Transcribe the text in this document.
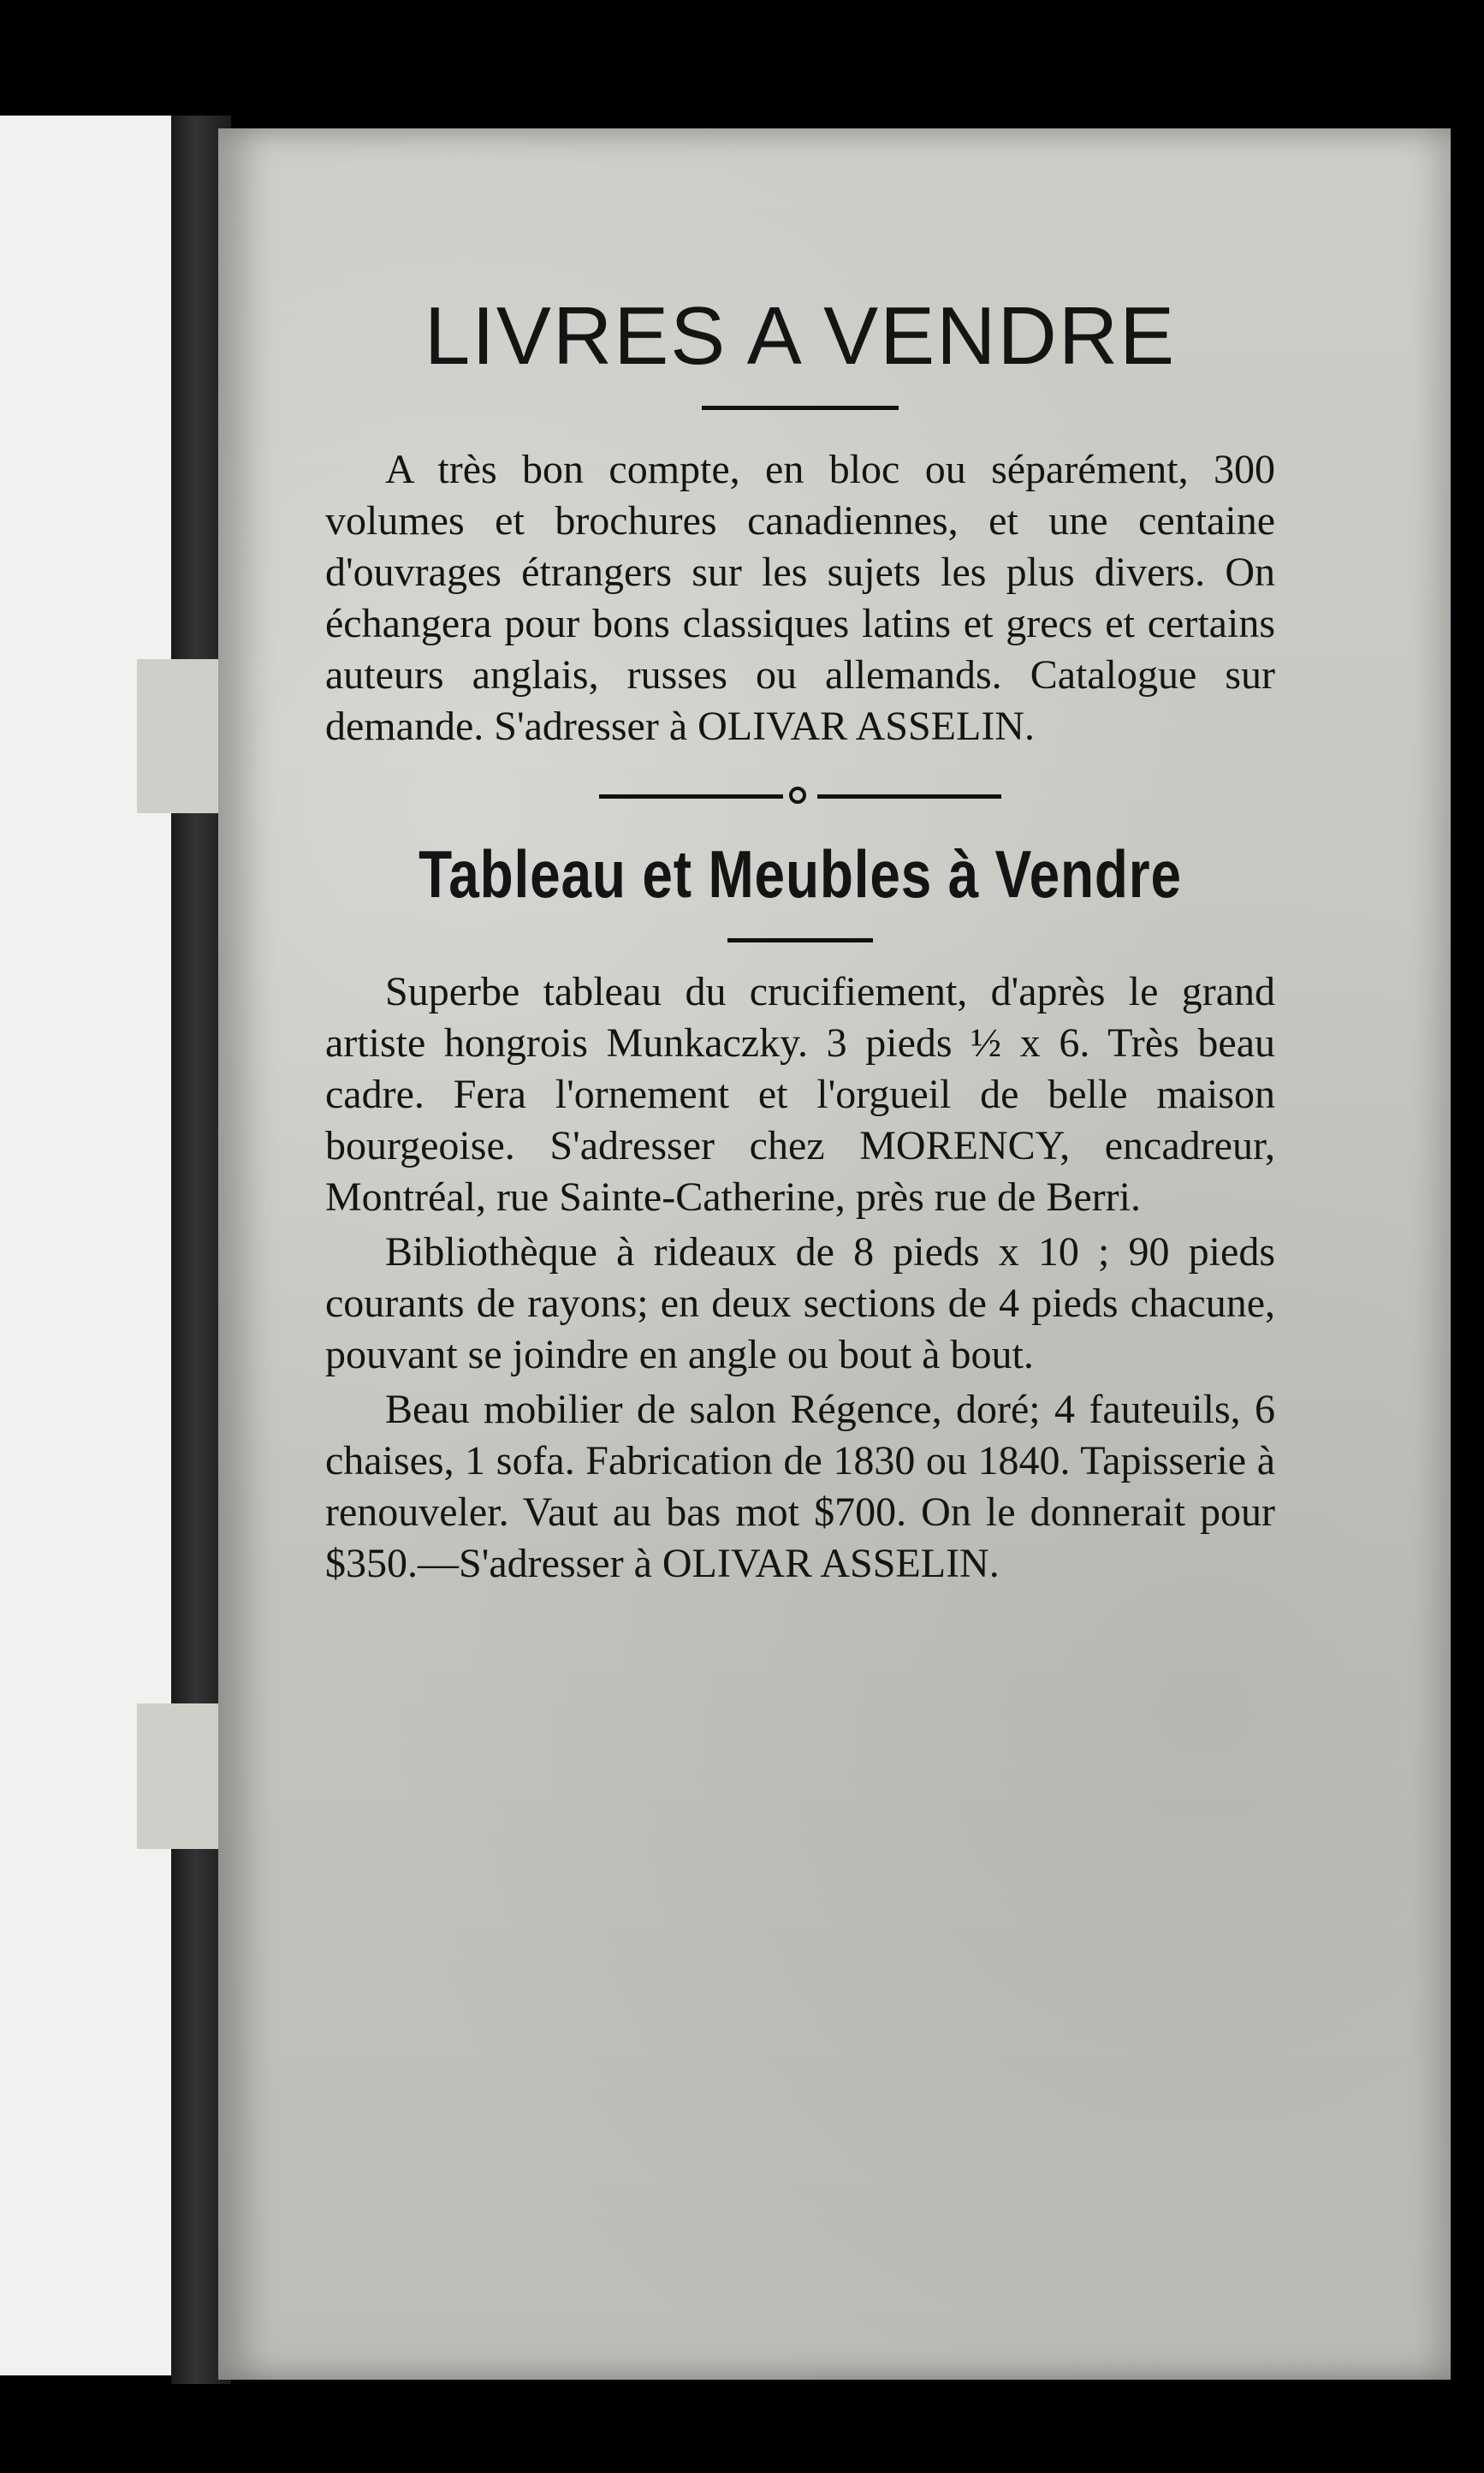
LIVRES A VENDRE

A très bon compte, en bloc ou séparément, 300 volumes et brochures canadiennes, et une centaine d'ouvrages étrangers sur les sujets les plus divers. On échangera pour bons classiques latins et grecs et certains auteurs anglais, russes ou allemands. Catalogue sur demande. S'adresser à OLIVAR ASSELIN.

Tableau et Meubles à Vendre

Superbe tableau du crucifiement, d'après le grand artiste hongrois Munkaczky. 3 pieds ½ x 6. Très beau cadre. Fera l'ornement et l'orgueil de belle maison bourgeoise. S'adresser chez MORENCY, encadreur, Montréal, rue Sainte-Catherine, près rue de Berri.

Bibliothèque à rideaux de 8 pieds x 10 ; 90 pieds courants de rayons; en deux sections de 4 pieds chacune, pouvant se joindre en angle ou bout à bout.

Beau mobilier de salon Régence, doré; 4 fauteuils, 6 chaises, 1 sofa. Fabrication de 1830 ou 1840. Tapisserie à renouveler. Vaut au bas mot $700. On le donnerait pour $350.—S'adresser à OLIVAR ASSELIN.
